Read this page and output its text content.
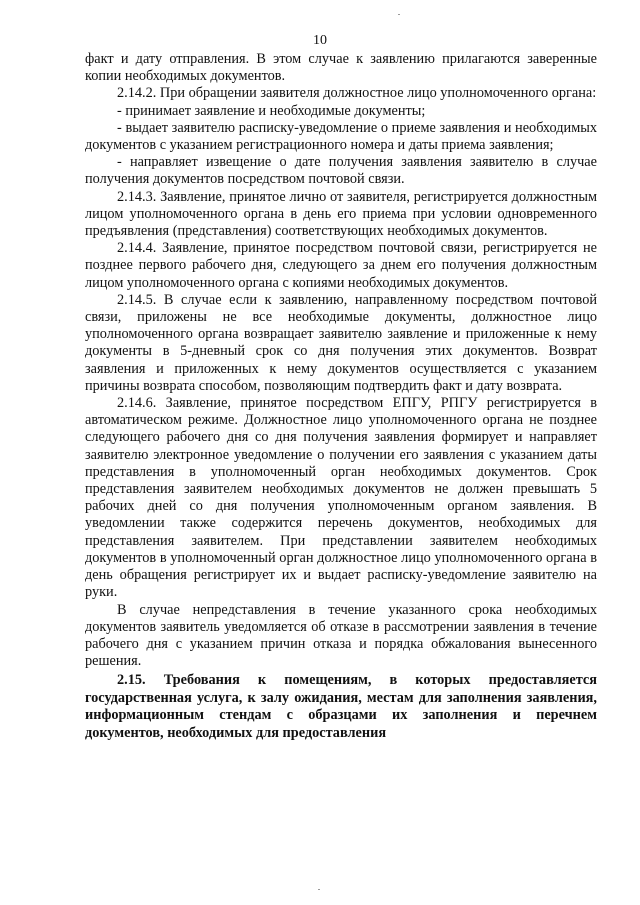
10

факт и дату отправления. В этом случае к заявлению прилагаются заверенные копии необходимых документов.

2.14.2. При обращении заявителя должностное лицо уполномоченного органа:

- принимает заявление и необходимые документы;

- выдает заявителю расписку-уведомление о приеме заявления и необходимых документов с указанием регистрационного номера и даты приема заявления;

- направляет извещение о дате получения заявления заявителю в случае получения документов посредством почтовой связи.

2.14.3. Заявление, принятое лично от заявителя, регистрируется должностным лицом уполномоченного органа в день его приема при условии одновременного предъявления (представления) соответствующих необходимых документов.

2.14.4. Заявление, принятое посредством почтовой связи, регистрируется не позднее первого рабочего дня, следующего за днем его получения должностным лицом уполномоченного органа с копиями необходимых документов.

2.14.5. В случае если к заявлению, направленному посредством почтовой связи, приложены не все необходимые документы, должностное лицо уполномоченного органа возвращает заявителю заявление и приложенные к нему документы в 5-дневный срок со дня получения этих документов. Возврат заявления и приложенных к нему документов осуществляется с указанием причины возврата способом, позволяющим подтвердить факт и дату возврата.

2.14.6. Заявление, принятое посредством ЕПГУ, РПГУ регистрируется в автоматическом режиме. Должностное лицо уполномоченного органа не позднее следующего рабочего дня со дня получения заявления формирует и направляет заявителю электронное уведомление о получении его заявления с указанием даты представления в уполномоченный орган необходимых документов. Срок представления заявителем необходимых документов не должен превышать 5 рабочих дней со дня получения уполномоченным органом заявления. В уведомлении также содержится перечень документов, необходимых для представления заявителем. При представлении заявителем необходимых документов в уполномоченный орган должностное лицо уполномоченного органа в день обращения регистрирует их и выдает расписку-уведомление заявителю на руки.

В случае непредставления в течение указанного срока необходимых документов заявитель уведомляется об отказе в рассмотрении заявления в течение рабочего дня с указанием причин отказа и порядка обжалования вынесенного решения.

2.15. Требования к помещениям, в которых предоставляется государственная услуга, к залу ожидания, местам для заполнения заявления, информационным стендам с образцами их заполнения и перечнем документов, необходимых для предоставления
